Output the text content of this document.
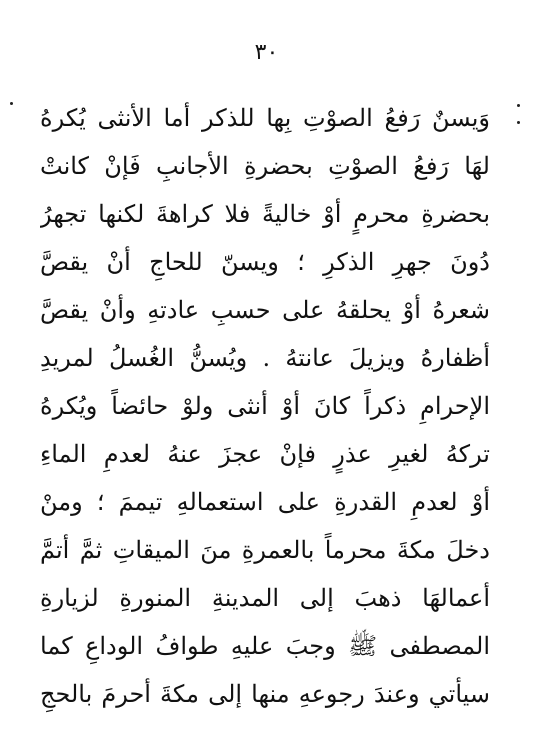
٣٠
وَيسنٌ رَفعُ الصوْتِ بِها للذكر أما الأنثى يُكرهُ
لهَا رَفعُ الصوْتِ بحضرةِ الأجانبِ فَإنْ كانتْ
بحضرةِ محرمٍ أوْ خاليةً فلا كراهةَ لكنها تجهرُ
دُونَ جهرِ الذكرِ ؛ ويسنّ للحاجِ أنْ يقصَّ
شعرهُ أوْ يحلقهُ على حسبِ عادتهِ وأنْ يقصَّ
أظفارهُ ويزيلَ عانتهُ . ويُسنُّ الغُسلُ لمريدِ
الإحرامِ ذكراً كانَ أوْ أنثى ولوْ حائضاً ويُكرهُ
تركهُ لغيرِ عذرٍ فإنْ عجزَ عنهُ لعدمِ الماءِ
أوْ لعدمِ القدرةِ على استعمالهِ تيممَ ؛ ومنْ
دخلَ مكةَ محرماً بالعمرةِ منَ الميقاتِ ثمَّ أتمَّ
أعمالهَا ذهبَ إلى المدينةِ المنورةِ لزيارةِ
المصطفى ﷺ وجبَ عليهِ طوافُ الوداعِ كما
سيأتي وعندَ رجوعهِ منها إلى مكةَ أحرمَ بالحجِ
